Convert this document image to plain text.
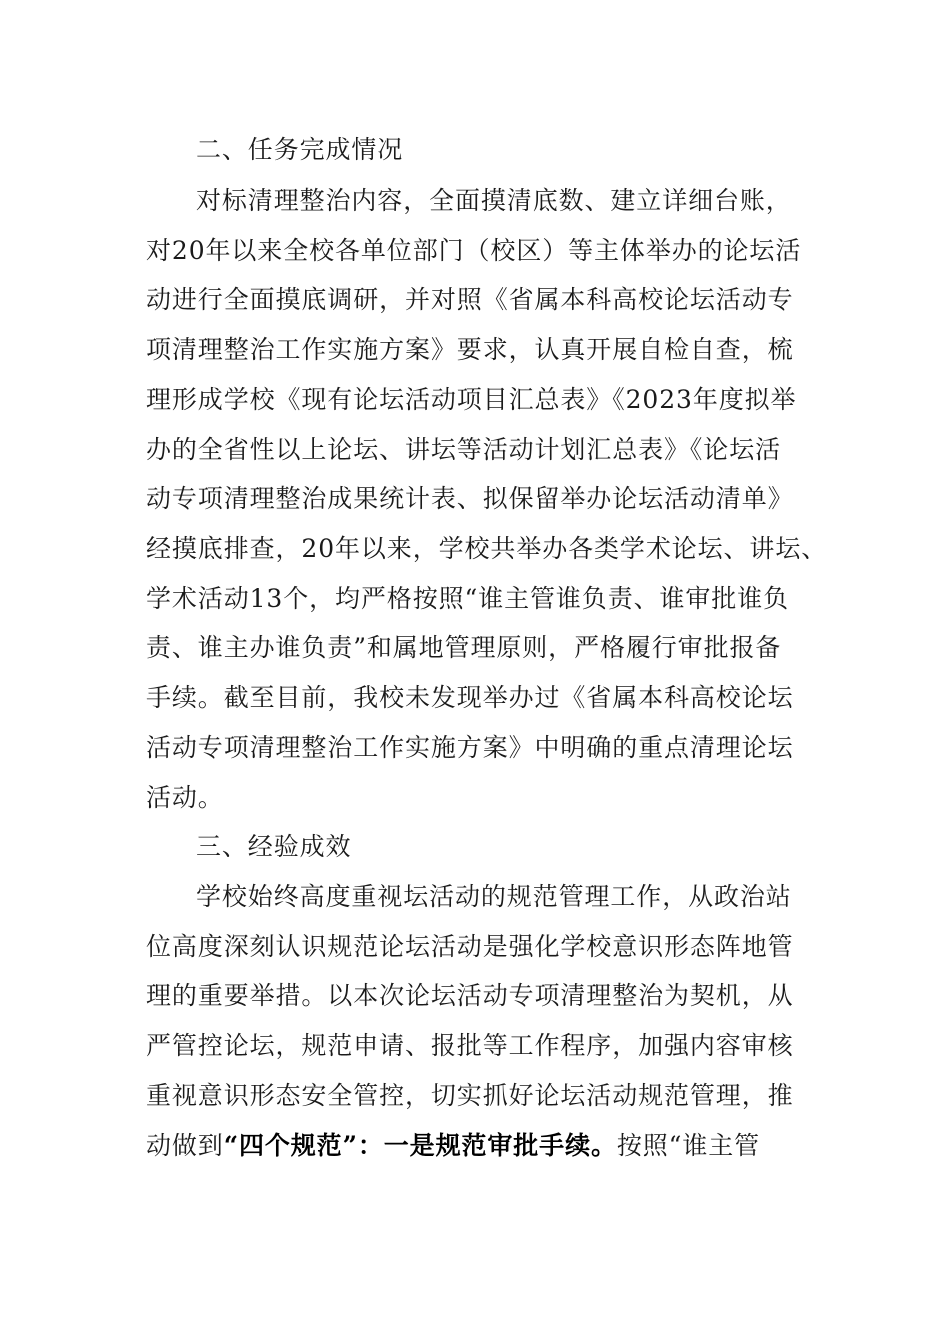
二、任务完成情况
对标清理整治内容，全面摸清底数、建立详细台账，
对20年以来全校各单位部门（校区）等主体举办的论坛活
动进行全面摸底调研，并对照《省属本科高校论坛活动专
项清理整治工作实施方案》要求，认真开展自检自查，梳
理形成学校《现有论坛活动项目汇总表》《2023年度拟举
办的全省性以上论坛、讲坛等活动计划汇总表》《论坛活
动专项清理整治成果统计表、拟保留举办论坛活动清单》
经摸底排查，20年以来，学校共举办各类学术论坛、讲坛、
学术活动13个，均严格按照“谁主管谁负责、谁审批谁负
责、谁主办谁负责”和属地管理原则，严格履行审批报备
手续。截至目前，我校未发现举办过《省属本科高校论坛
活动专项清理整治工作实施方案》中明确的重点清理论坛
活动。
三、经验成效
学校始终高度重视坛活动的规范管理工作，从政治站
位高度深刻认识规范论坛活动是强化学校意识形态阵地管
理的重要举措。以本次论坛活动专项清理整治为契机，从
严管控论坛，规范申请、报批等工作程序，加强内容审核
重视意识形态安全管控，切实抓好论坛活动规范管理，推
动做到“四个规范”：一是规范审批手续。按照“谁主管
